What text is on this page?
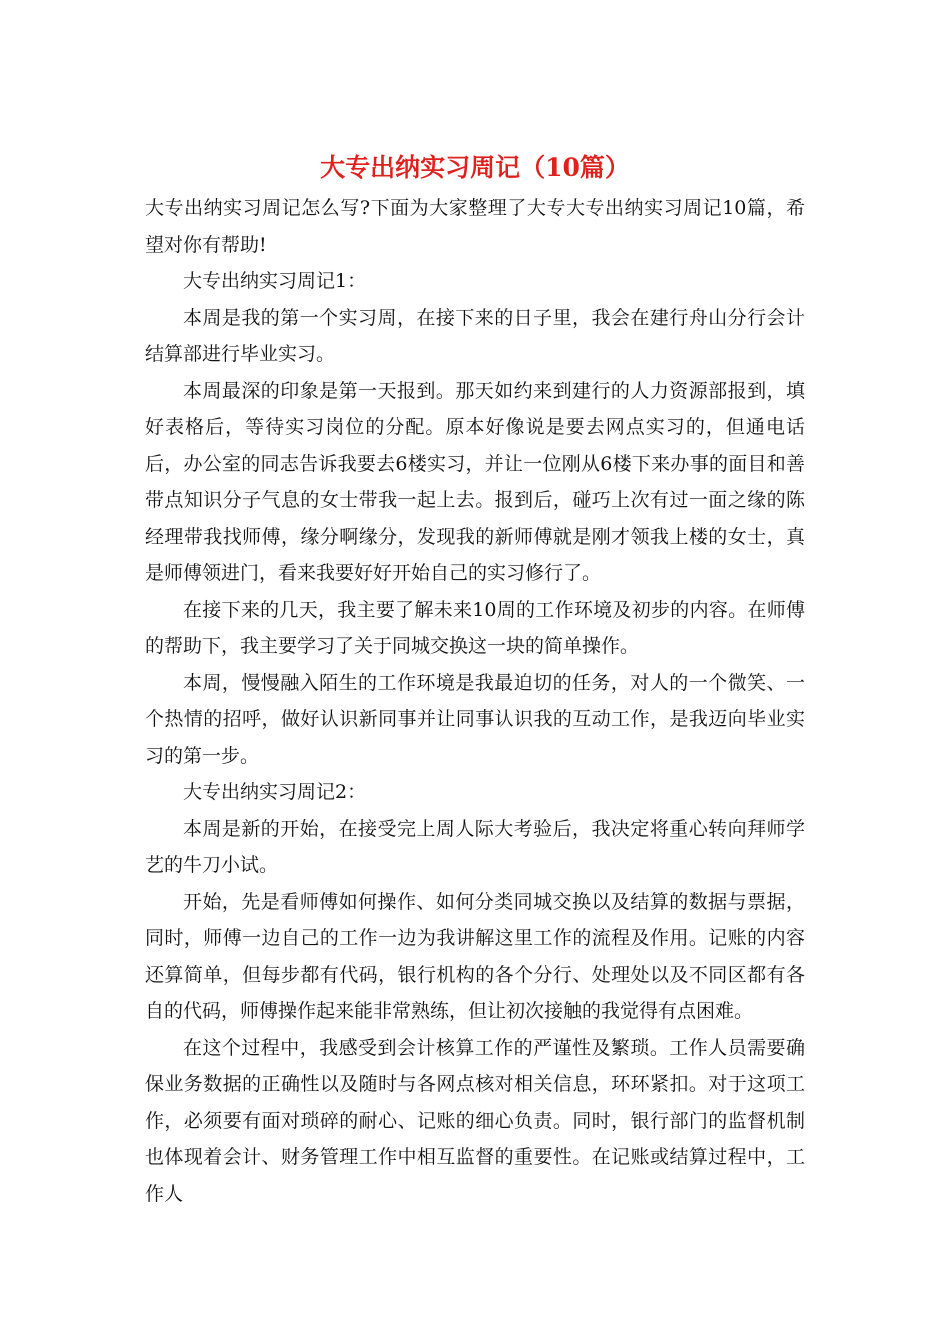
大专出纳实习周记（10篇）

大专出纳实习周记怎么写?下面为大家整理了大专大专出纳实习周记10篇，希望对你有帮助!

大专出纳实习周记1：

本周是我的第一个实习周，在接下来的日子里，我会在建行舟山分行会计结算部进行毕业实习。

本周最深的印象是第一天报到。那天如约来到建行的人力资源部报到，填好表格后，等待实习岗位的分配。原本好像说是要去网点实习的，但通电话后，办公室的同志告诉我要去6楼实习，并让一位刚从6楼下来办事的面目和善带点知识分子气息的女士带我一起上去。报到后，碰巧上次有过一面之缘的陈经理带我找师傅，缘分啊缘分，发现我的新师傅就是刚才领我上楼的女士，真是师傅领进门，看来我要好好开始自己的实习修行了。

在接下来的几天，我主要了解未来10周的工作环境及初步的内容。在师傅的帮助下，我主要学习了关于同城交换这一块的简单操作。

本周，慢慢融入陌生的工作环境是我最迫切的任务，对人的一个微笑、一个热情的招呼，做好认识新同事并让同事认识我的互动工作，是我迈向毕业实习的第一步。

大专出纳实习周记2：

本周是新的开始，在接受完上周人际大考验后，我决定将重心转向拜师学艺的牛刀小试。

开始，先是看师傅如何操作、如何分类同城交换以及结算的数据与票据，同时，师傅一边自己的工作一边为我讲解这里工作的流程及作用。记账的内容还算简单，但每步都有代码，银行机构的各个分行、处理处以及不同区都有各自的代码，师傅操作起来能非常熟练，但让初次接触的我觉得有点困难。

在这个过程中，我感受到会计核算工作的严谨性及繁琐。工作人员需要确保业务数据的正确性以及随时与各网点核对相关信息，环环紧扣。对于这项工作，必须要有面对琐碎的耐心、记账的细心负责。同时，银行部门的监督机制也体现着会计、财务管理工作中相互监督的重要性。在记账或结算过程中，工作人
